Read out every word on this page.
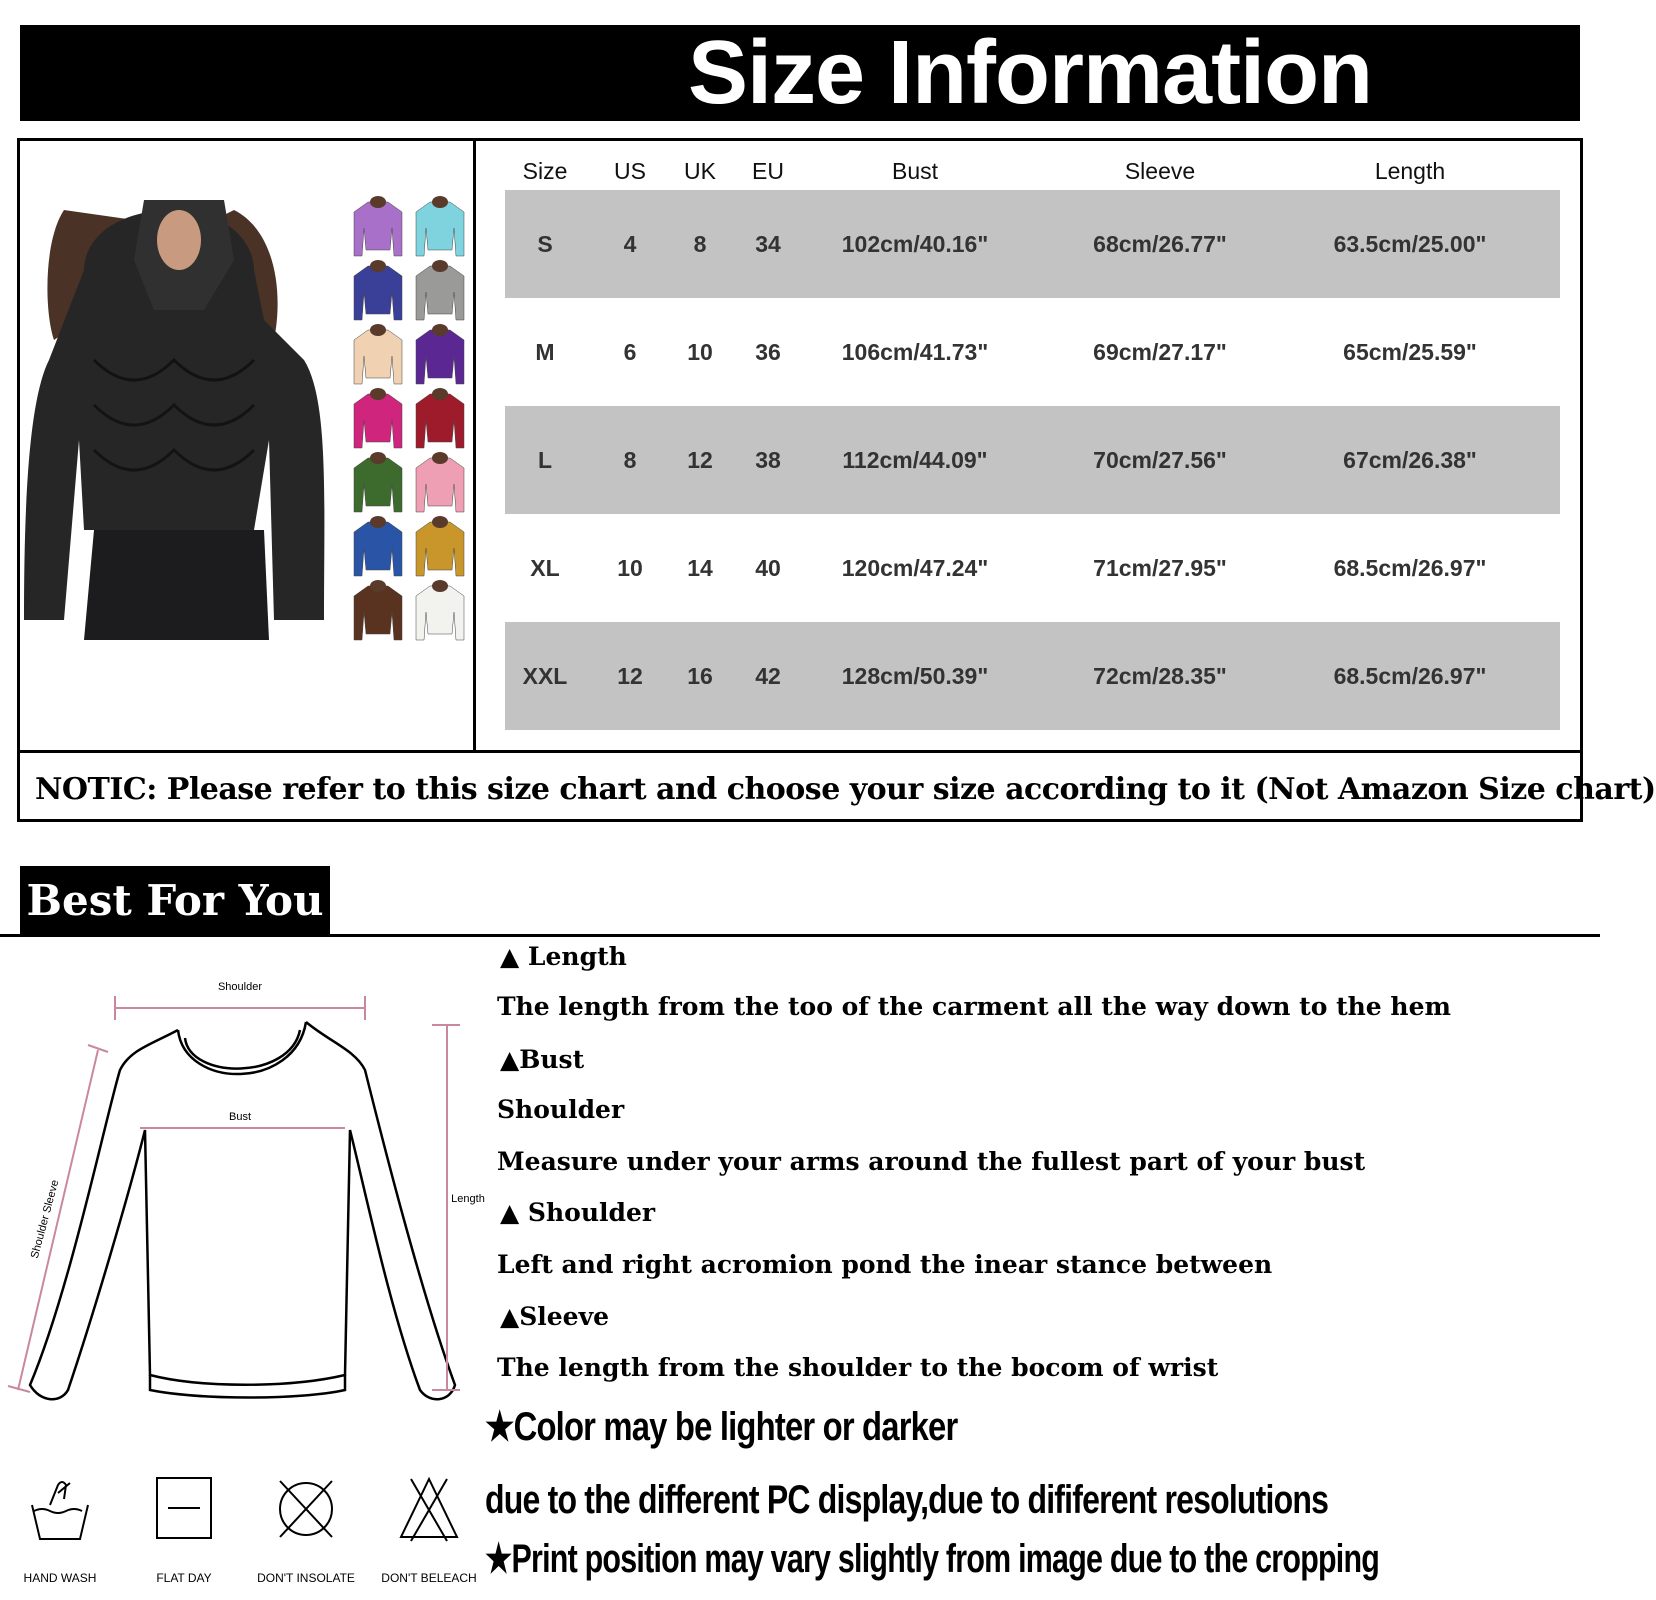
Size Information
Size	US	UK	EU	Bust	Sleeve	Length
S	4	8	34	102cm/40.16"	68cm/26.77"	63.5cm/25.00"
M	6	10	36	106cm/41.73"	69cm/27.17"	65cm/25.59"
L	8	12	38	112cm/44.09"	70cm/27.56"	67cm/26.38"
XL	10	14	40	120cm/47.24"	71cm/27.95"	68.5cm/26.97"
XXL	12	16	42	128cm/50.39"	72cm/28.35"	68.5cm/26.97"
NOTIC: Please refer to this size chart and choose your size according to it (Not Amazon Size chart)
Best For You
Shoulder
Bust
Length
Shoulder Sleeve
HAND WASH	FLAT DAY	DON'T INSOLATE	DON'T BELEACH
▲ Length
The length from the too of the carment all the way down to the hem
▲Bust
Shoulder
Measure under your arms around the fullest part of your bust
▲ Shoulder
Left and right acromion pond the inear stance between
▲Sleeve
The length from the shoulder to the bocom of wrist
★Color may be lighter or darker
due to the different PC display,due to dififerent resolutions
★Print position may vary slightly from image due to the cropping
